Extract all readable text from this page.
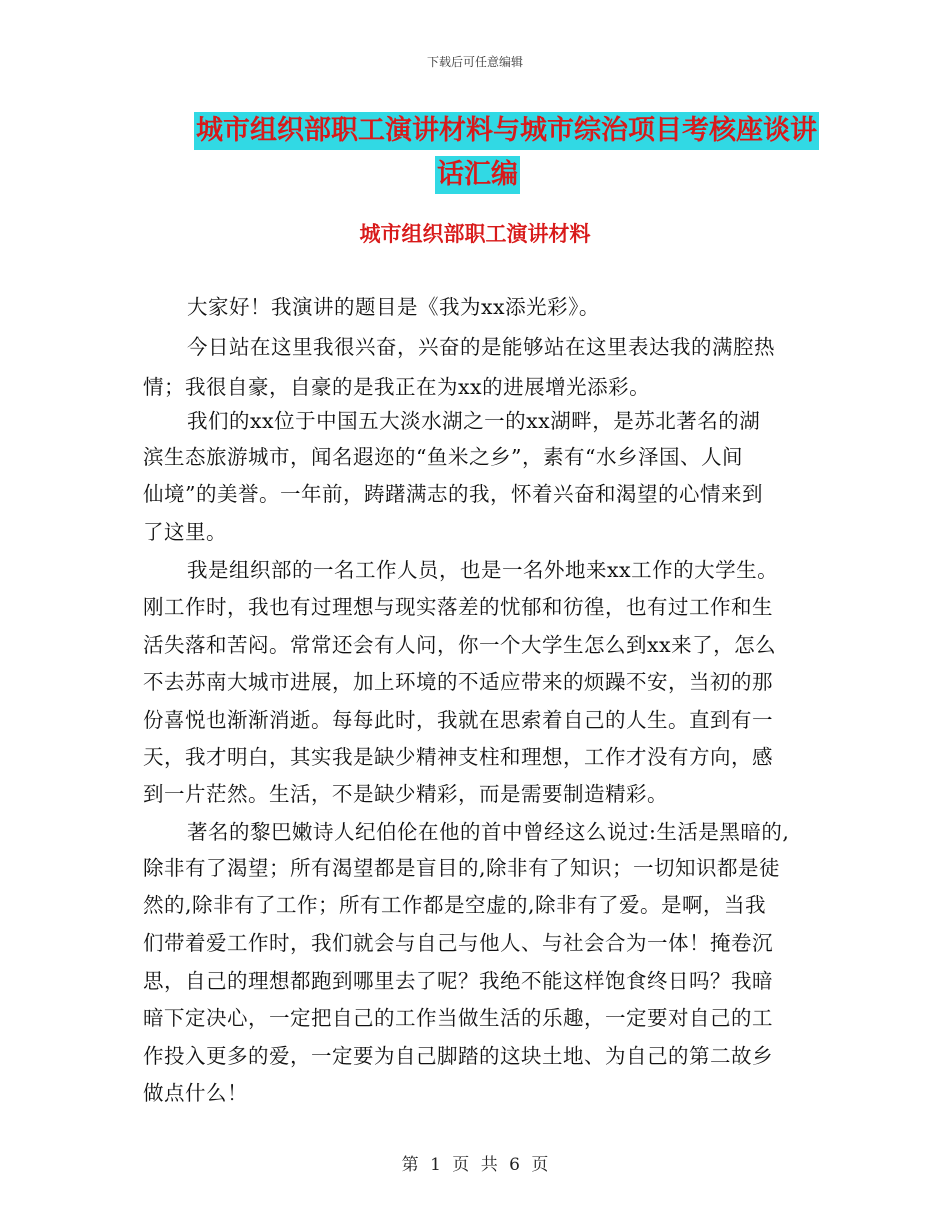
下载后可任意编辑
城市组织部职工演讲材料与城市综治项目考核座谈讲
话汇编
城市组织部职工演讲材料
大家好！我演讲的题目是《我为xx添光彩》。
今日站在这里我很兴奋，兴奋的是能够站在这里表达我的满腔热
情；我很自豪，自豪的是我正在为xx的进展增光添彩。
我们的xx位于中国五大淡水湖之一的xx湖畔，是苏北著名的湖
滨生态旅游城市，闻名遐迩的“鱼米之乡”，素有“水乡泽国、人间
仙境”的美誉。一年前，踌躇满志的我，怀着兴奋和渴望的心情来到
了这里。
我是组织部的一名工作人员，也是一名外地来xx工作的大学生。
刚工作时，我也有过理想与现实落差的忧郁和彷徨，也有过工作和生
活失落和苦闷。常常还会有人问，你一个大学生怎么到xx来了，怎么
不去苏南大城市进展，加上环境的不适应带来的烦躁不安，当初的那
份喜悦也渐渐消逝。每每此时，我就在思索着自己的人生。直到有一
天，我才明白，其实我是缺少精神支柱和理想，工作才没有方向，感
到一片茫然。生活，不是缺少精彩，而是需要制造精彩。
著名的黎巴嫩诗人纪伯伦在他的首中曾经这么说过:生活是黑暗的,
除非有了渴望；所有渴望都是盲目的,除非有了知识；一切知识都是徒
然的,除非有了工作；所有工作都是空虚的,除非有了爱。是啊，当我
们带着爱工作时，我们就会与自己与他人、与社会合为一体！掩卷沉
思，自己的理想都跑到哪里去了呢？我绝不能这样饱食终日吗？我暗
暗下定决心，一定把自己的工作当做生活的乐趣，一定要对自己的工
作投入更多的爱，一定要为自己脚踏的这块土地、为自己的第二故乡
做点什么！
第 1 页 共 6 页
